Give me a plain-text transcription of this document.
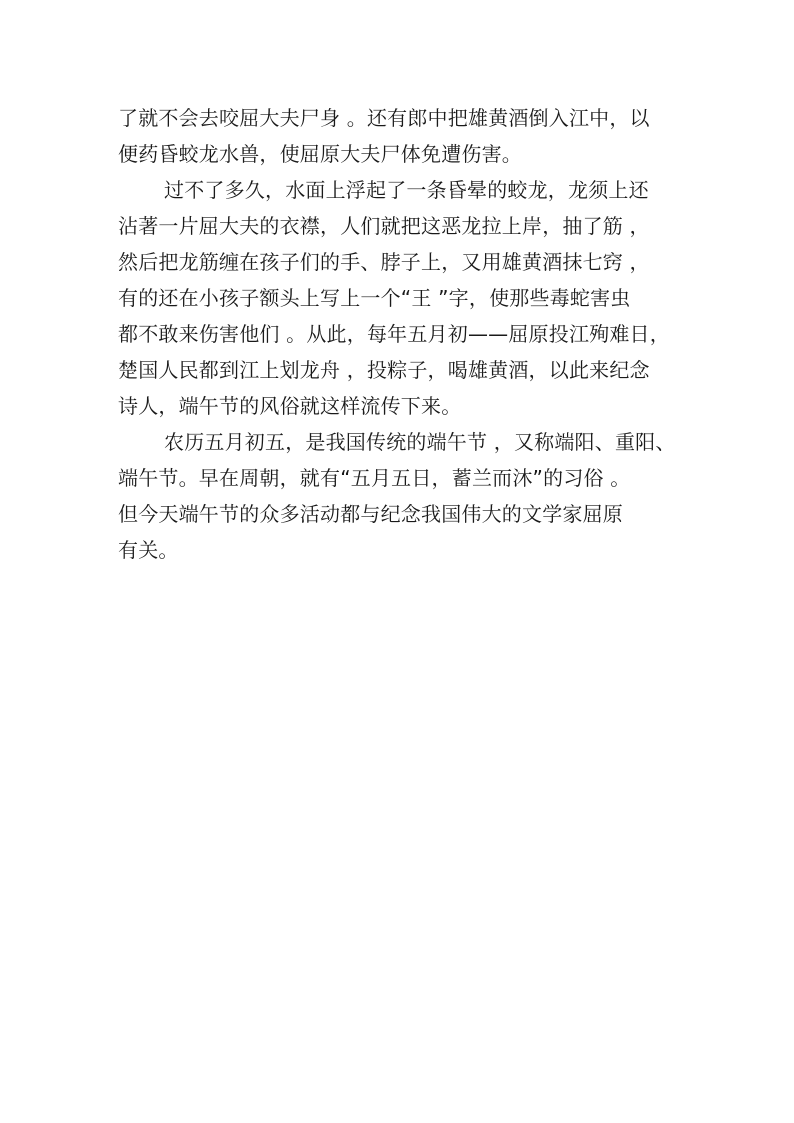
了就不会去咬屈大夫尸身 。还有郎中把雄黄酒倒入江中，以
便药昏蛟龙水兽，使屈原大夫尸体免遭伤害。
过不了多久，水面上浮起了一条昏晕的蛟龙，龙须上还
沾著一片屈大夫的衣襟，人们就把这恶龙拉上岸，抽了筋 ，
然后把龙筋缠在孩子们的手、脖子上，又用雄黄酒抹七窍 ，
有的还在小孩子额头上写上一个“王 ”字，使那些毒蛇害虫
都不敢来伤害他们 。从此，每年五月初——屈原投江殉难日，
楚国人民都到江上划龙舟 ，投粽子，喝雄黄酒，以此来纪念
诗人，端午节的风俗就这样流传下来。
农历五月初五，是我国传统的端午节 ，又称端阳、重阳、
端午节。早在周朝，就有“五月五日，蓄兰而沐”的习俗 。
但今天端午节的众多活动都与纪念我国伟大的文学家屈原
有关。
